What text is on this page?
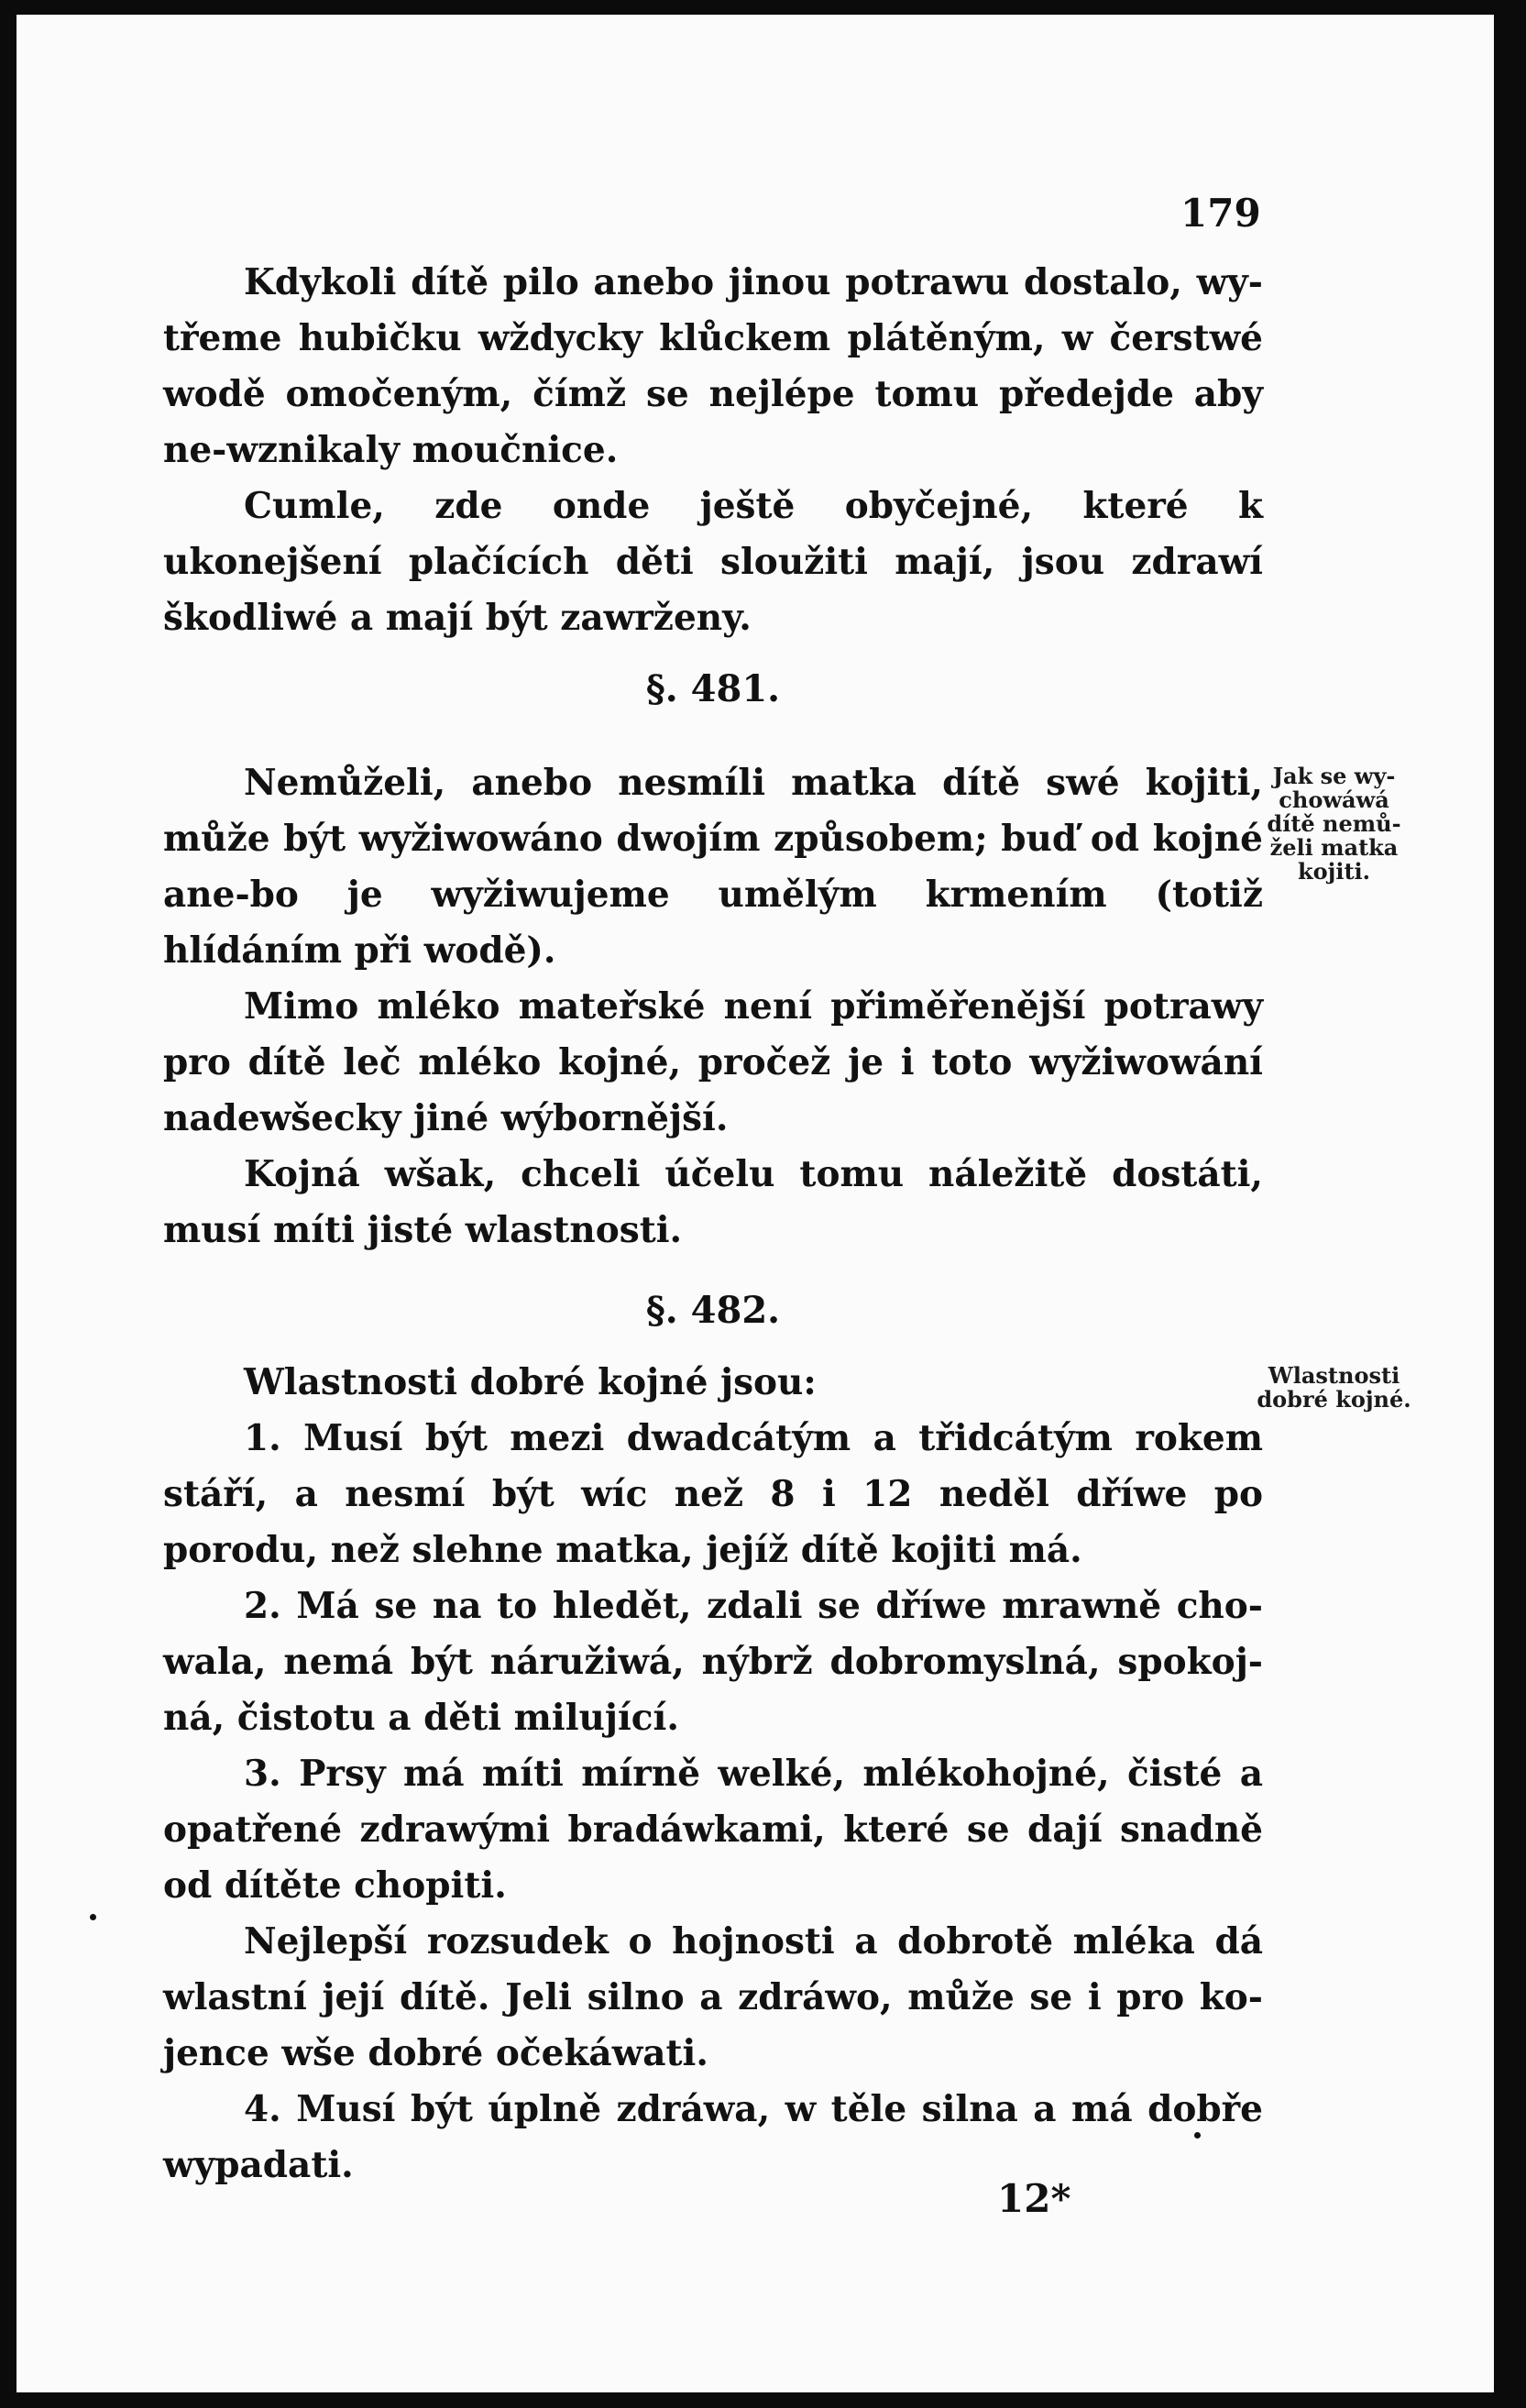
179

Kdykoli dítě pilo anebo jinou potrawu dostalo, wy-třeme hubičku wždycky klůckem plátěným, w čerstwé wodě omočeným, čímž se nejlépe tomu předejde aby ne-wznikaly moučnice.

Cumle, zde onde ještě obyčejné, které k ukonejšení plačících děti sloužiti mají, jsou zdrawí škodliwé a mají být zawrženy.

§. 481.

Nemůželi, anebo nesmíli matka dítě swé kojiti, může být wyžiwowáno dwojím způsobem; buď od kojné ane-bo je wyžiwujeme umělým krmením (totiž hlídáním při wodě).

Mimo mléko mateřské není přiměřenější potrawy pro dítě leč mléko kojné, pročež je i toto wyžiwowání nadewšecky jiné wýbornější.

Kojná wšak, chceli účelu tomu náležitě dostáti, musí míti jisté wlastnosti.

Jak se wy-chowáwá dítě nemů-želi matka kojiti.
§. 482.

Wlastnosti dobré kojné jsou:

1. Musí být mezi dwadcátým a třidcátým rokem stáří, a nesmí být wíc než 8 i 12 neděl dříwe po porodu, než slehne matka, jejíž dítě kojiti má.

2. Má se na to hledět, zdali se dříwe mrawně cho-wala, nemá být náružiwá, nýbrž dobromyslná, spokoj-ná, čistotu a děti milující.

3. Prsy má míti mírně welké, mlékohojné, čisté a opatřené zdrawými bradáwkami, které se dají snadně od dítěte chopiti.

Nejlepší rozsudek o hojnosti a dobrotě mléka dá wlastní její dítě. Jeli silno a zdráwo, může se i pro ko-jence wše dobré očekáwati.

4. Musí být úplně zdráwa, w těle silna a má dobře wypadati.

Wlastnosti dobré kojné.
12*
